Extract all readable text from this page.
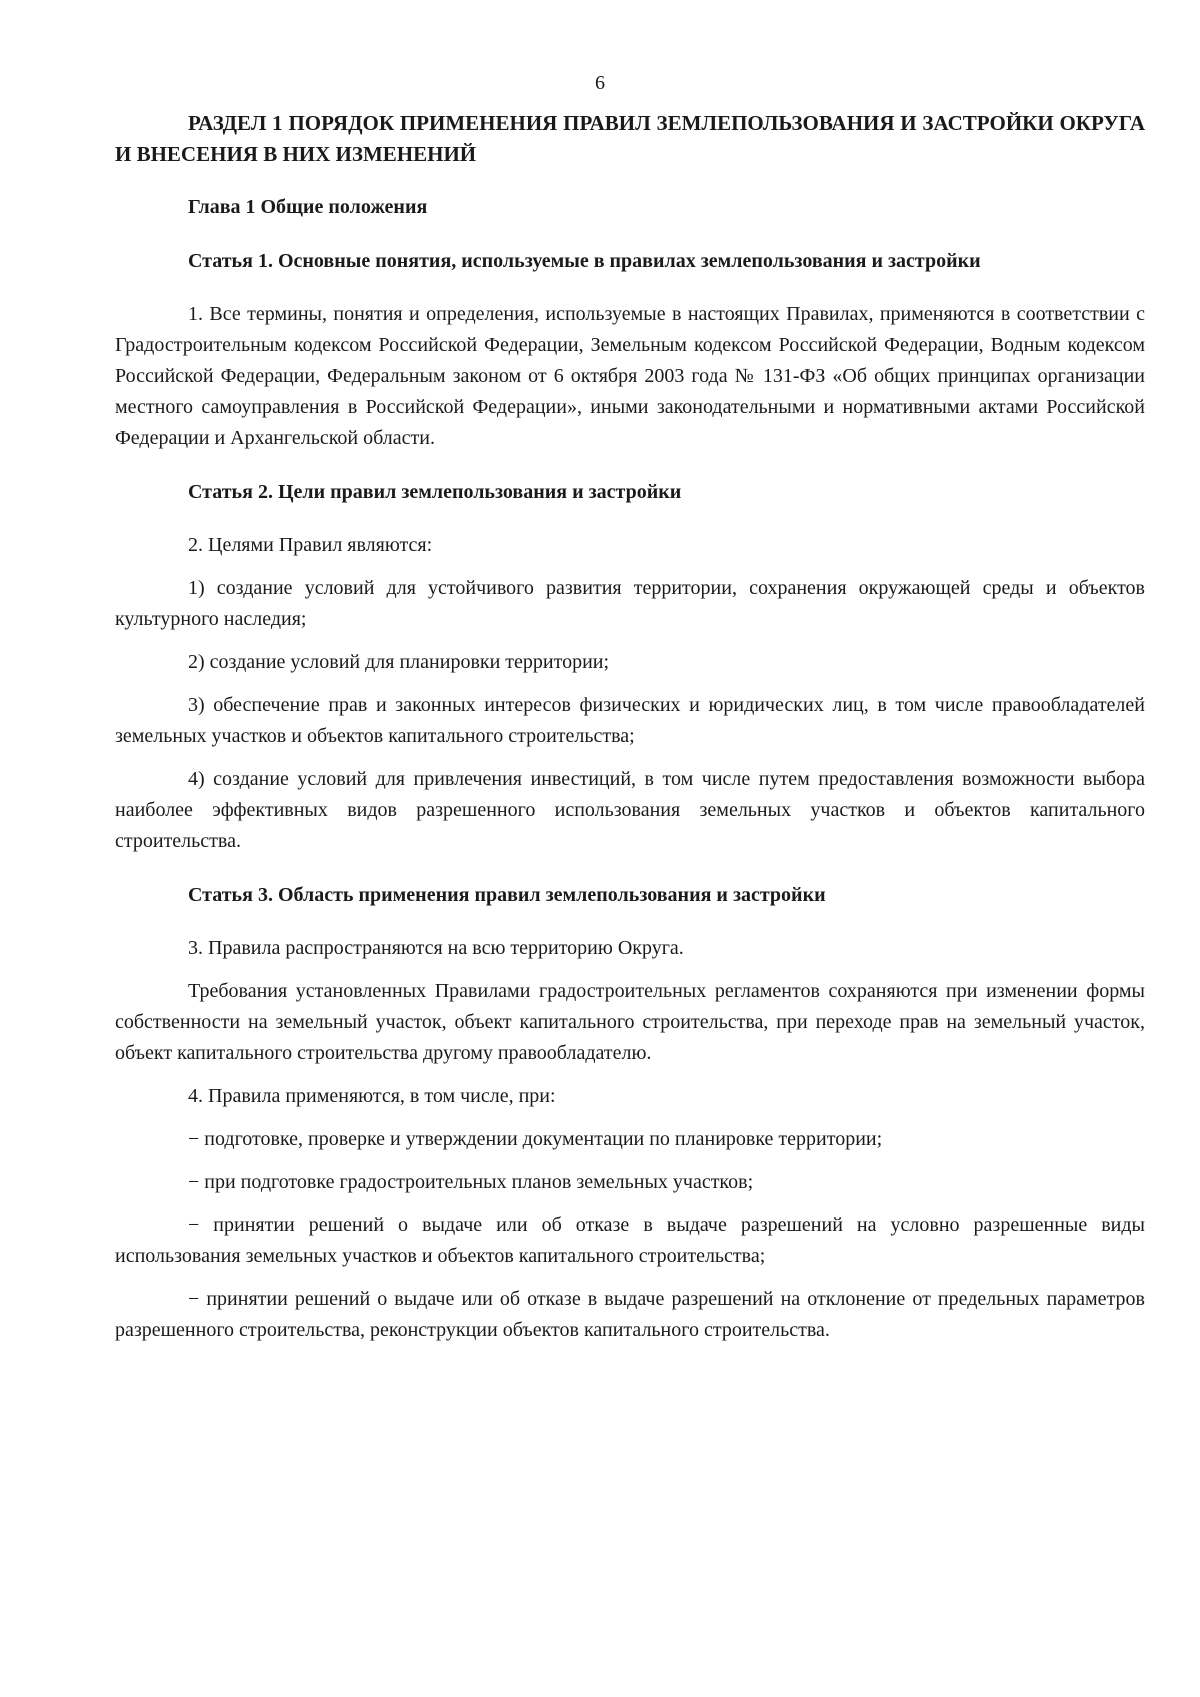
6
РАЗДЕЛ 1 ПОРЯДОК ПРИМЕНЕНИЯ ПРАВИЛ ЗЕМЛЕПОЛЬЗОВАНИЯ И ЗАСТРОЙКИ ОКРУГА И ВНЕСЕНИЯ В НИХ ИЗМЕНЕНИЙ
Глава 1 Общие положения
Статья 1. Основные понятия, используемые в правилах землепользования и застройки

1. Все термины, понятия и определения, используемые в настоящих Правилах, применяются в соответствии с Градостроительным кодексом Российской Федерации, Земельным кодексом Российской Федерации, Водным кодексом Российской Федерации, Федеральным законом от 6 октября 2003 года № 131-ФЗ «Об общих принципах организации местного самоуправления в Российской Федерации», иными законодательными и нормативными актами Российской Федерации и Архангельской области.

Статья 2. Цели правил землепользования и застройки

2. Целями Правил являются:

1) создание условий для устойчивого развития территории, сохранения окружающей среды и объектов культурного наследия;

2) создание условий для планировки территории;

3) обеспечение прав и законных интересов физических и юридических лиц, в том числе правообладателей земельных участков и объектов капитального строительства;

4) создание условий для привлечения инвестиций, в том числе путем предоставления возможности выбора наиболее эффективных видов разрешенного использования земельных участков и объектов капитального строительства.

Статья 3. Область применения правил землепользования и застройки

3. Правила распространяются на всю территорию Округа.

Требования установленных Правилами градостроительных регламентов сохраняются при изменении формы собственности на земельный участок, объект капитального строительства, при переходе прав на земельный участок, объект капитального строительства другому правообладателю.

4. Правила применяются, в том числе, при:

− подготовке, проверке и утверждении документации по планировке территории;

− при подготовке градостроительных планов земельных участков;

− принятии решений о выдаче или об отказе в выдаче разрешений на условно разрешенные виды использования земельных участков и объектов капитального строительства;

− принятии решений о выдаче или об отказе в выдаче разрешений на отклонение от предельных параметров разрешенного строительства, реконструкции объектов капитального строительства.
